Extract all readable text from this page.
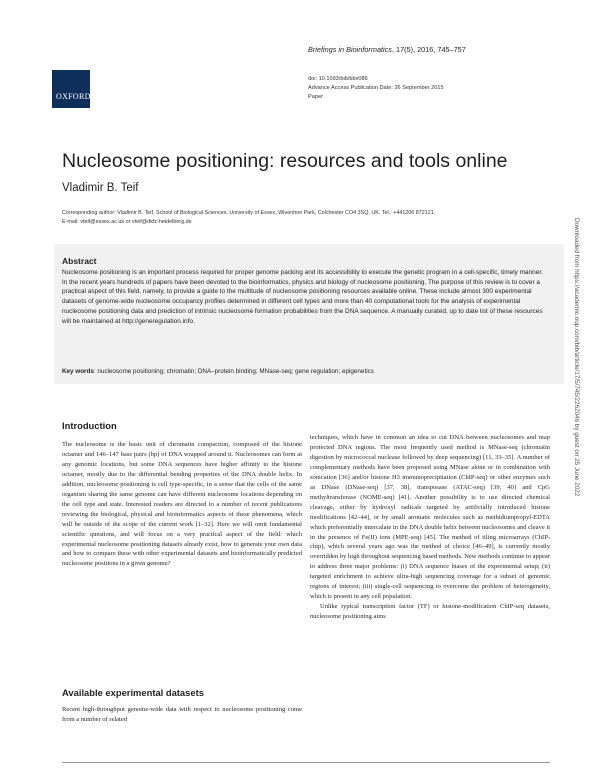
OXFORD
Briefings in Bioinformatics, 17(5), 2016, 745–757
doi: 10.1093/bib/bbv086
Advance Access Publication Date: 26 September 2015
Paper
Nucleosome positioning: resources and tools online
Vladimir B. Teif
Corresponding author: Vladimir B. Teif, School of Biological Sciences, University of Essex, Wivenhoe Park, Colchester CO4 3SQ, UK. Tel.: +441206 872121;
E-mail: vteif@essex.ac.uk or vteif@dkfz-heidelberg.de
Abstract
Nucleosome positioning is an important process required for proper genome packing and its accessibility to execute the genetic program in a cell-specific, timely manner. In the recent years hundreds of papers have been devoted to the bioinformatics, physics and biology of nucleosome positioning. The purpose of this review is to cover a practical aspect of this field, namely, to provide a guide to the multitude of nucleosome positioning resources available online. These include almost 300 experimental datasets of genome-wide nucleosome occupancy profiles determined in different cell types and more than 40 computational tools for the analysis of experimental nucleosome positioning data and prediction of intrinsic nucleosome formation probabilities from the DNA sequence. A manually curated, up to date list of these resources will be maintained at http://generegulation.info.
Key words: nucleosome positioning; chromatin; DNA–protein binding; MNase-seq; gene regulation; epigenetics
Introduction
The nucleosome is the basic unit of chromatin compaction, composed of the histone octamer and 146–147 base pairs (bp) of DNA wrapped around it. Nucleosomes can form at any genomic locations, but some DNA sequences have higher affinity to the histone octamer, mostly due to the differential bending properties of the DNA double helix. In addition, nucleosome positioning is cell type-specific, in a sense that the cells of the same organism sharing the same genome can have different nucleosome locations depending on the cell type and state. Interested readers are directed to a number of recent publications reviewing the biological, physical and bioinformatics aspects of these phenomena, which will be outside of the scope of the current work [1–32]. Here we will omit fundamental scientific questions, and will focus on a very practical aspect of the field: which experimental nucleosome positioning datasets already exist, how to generate your own data and how to compare these with other experimental datasets and bioinformatically predicted nucleosome positions in a given genome?
Available experimental datasets
Recent high-throughput genome-wide data with respect to nucleosome positioning come from a number of related
techniques, which have in common an idea to cut DNA between nucleosomes and map protected DNA regions. The most frequently used method is MNase-seq (chromatin digestion by micrococcal nuclease followed by deep sequencing) [11, 33–35]. A number of complementary methods have been proposed using MNase alone or in combination with sonication [36] and/or histone H3 immunoprecipitation (ChIP-seq) or other enzymes such as DNase (DNase-seq) [37, 38], transposase (ATAC-seq) [39, 40] and CpG methyltransferase (NOME-seq) [41]. Another possibility is to use directed chemical cleavage, either by hydroxyl radicals targeted by artificially introduced histone modifications [42–44], or by small aromatic molecules such as methidiumpropyl-EDTA which preferentially intercalate in the DNA double helix between nucleosomes and cleave it in the presence of Fe(II) ions (MPE-seq) [45]. The method of tiling microarrays (ChIP-chip), which several years ago was the method of choice [46–49], is currently mostly overridden by high throughout sequencing based methods. New methods continue to appear to address three major problems: (i) DNA sequence biases of the experimental setup; (ii) targeted enrichment to achieve ultra-high sequencing coverage for a subset of genomic regions of interest; (iii) single-cell sequencing to overcome the problem of heterogeneity, which is present in any cell population.
Unlike typical transcription factor (TF) or histone-modification ChIP-seq datasets, nucleosome positioning aims
Downloaded from https://academic.oup.com/bib/article/17/5/745/2262046 by guest on 25 June 2022
